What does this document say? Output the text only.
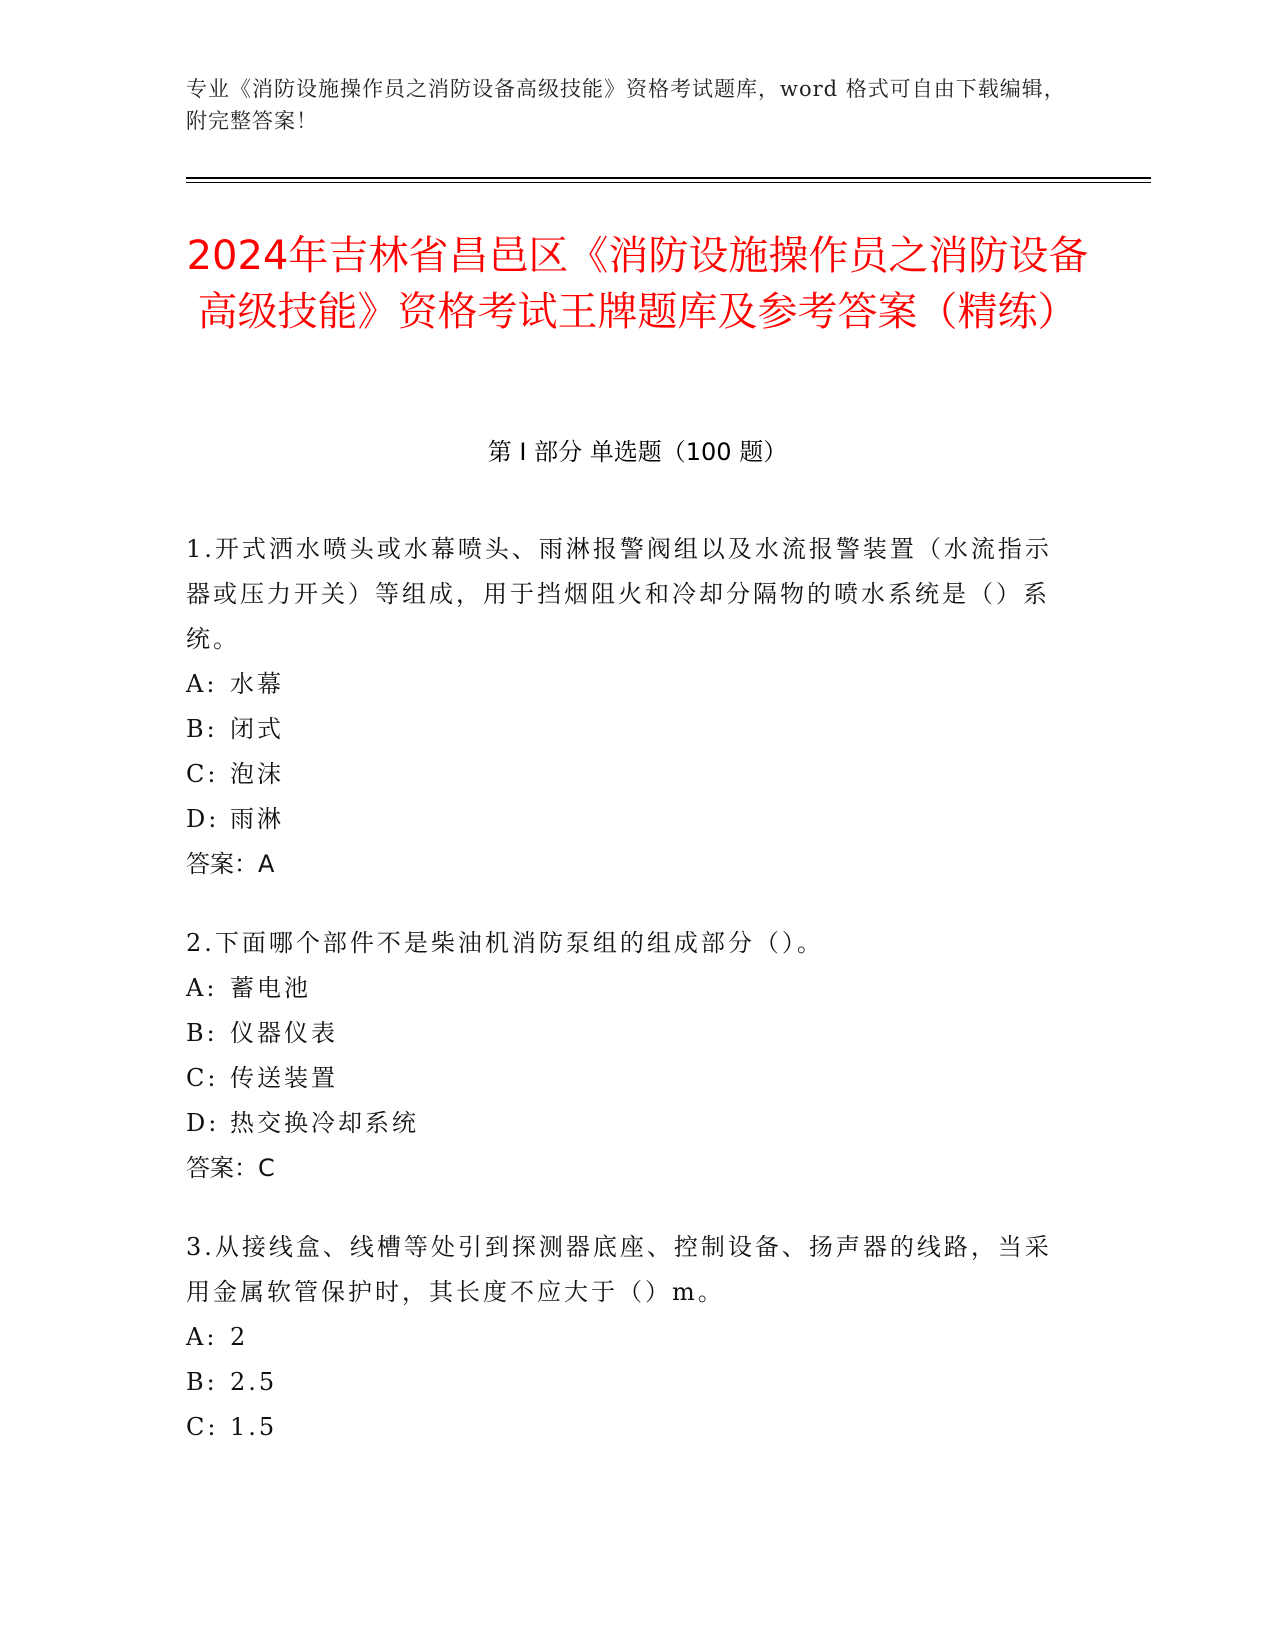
专业《消防设施操作员之消防设备高级技能》资格考试题库，word 格式可自由下载编辑，附完整答案！
2024年吉林省昌邑区《消防设施操作员之消防设备高级技能》资格考试王牌题库及参考答案（精练）
第 I 部分 单选题（100 题）

1.开式洒水喷头或水幕喷头、雨淋报警阀组以及水流报警装置（水流指示器或压力开关）等组成，用于挡烟阻火和冷却分隔物的喷水系统是（）系统。

A: 水幕

B: 闭式

C: 泡沫

D: 雨淋

答案：A

2.下面哪个部件不是柴油机消防泵组的组成部分（）。

A: 蓄电池

B: 仪器仪表

C: 传送装置

D: 热交换冷却系统

答案：C

3.从接线盒、线槽等处引到探测器底座、控制设备、扬声器的线路，当采用金属软管保护时，其长度不应大于（）m。

A: 2

B: 2.5

C: 1.5
